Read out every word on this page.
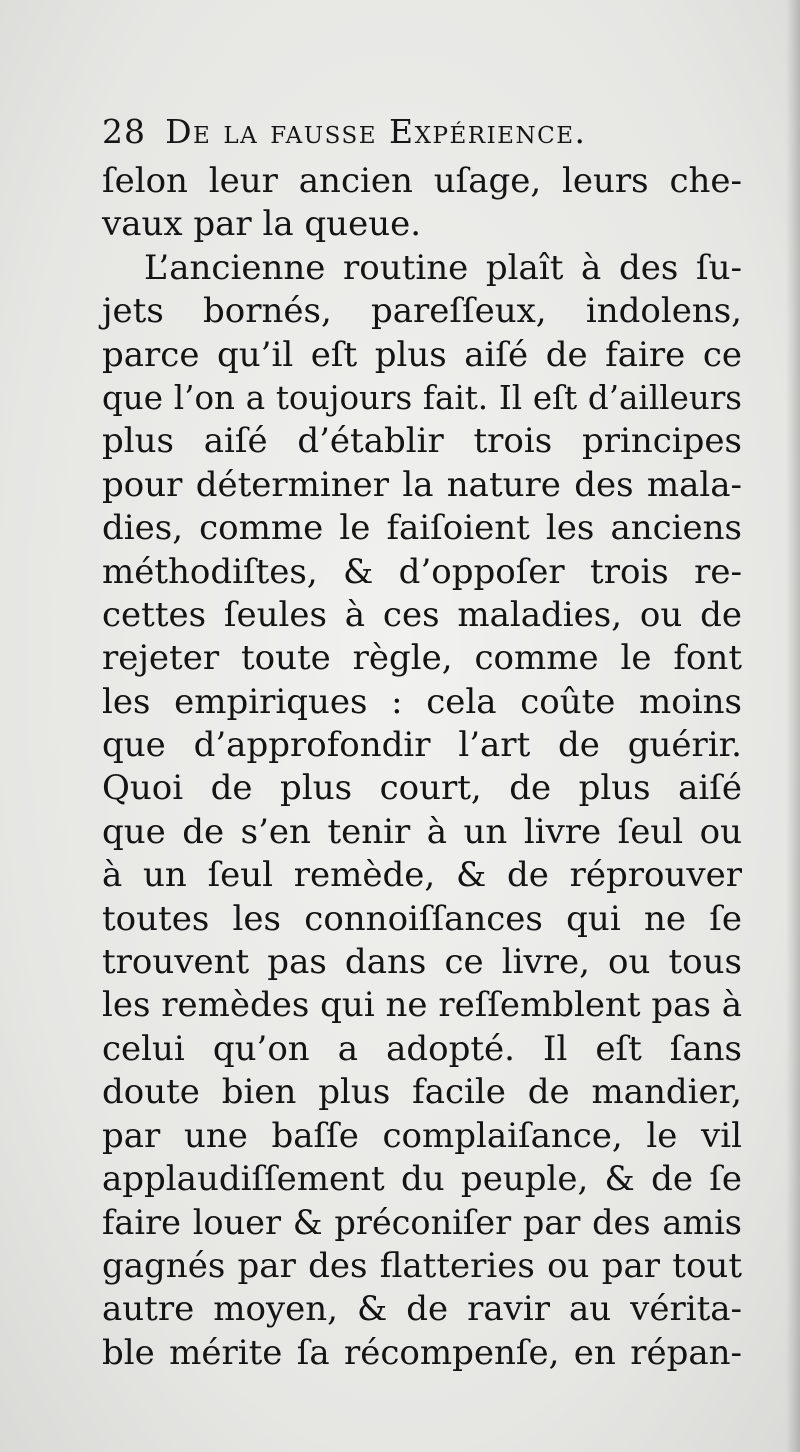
28 De la fausse Expérience.
ſelon leur ancien uſage, leurs che-
vaux par la queue.
L’ancienne routine plaît à des ſu-
jets bornés, pareſſeux, indolens,
parce qu’il eſt plus aiſé de faire ce
que l’on a toujours fait. Il eſt d’ailleurs
plus aiſé d’établir trois principes
pour déterminer la nature des mala-
dies, comme le faiſoient les anciens
méthodiſtes, & d’oppoſer trois re-
cettes ſeules à ces maladies, ou de
rejeter toute règle, comme le font
les empiriques : cela coûte moins
que d’approfondir l’art de guérir.
Quoi de plus court, de plus aiſé
que de s’en tenir à un livre ſeul ou
à un ſeul remède, & de réprouver
toutes les connoiſſances qui ne ſe
trouvent pas dans ce livre, ou tous
les remèdes qui ne reſſemblent pas à
celui qu’on a adopté. Il eſt ſans
doute bien plus facile de mandier,
par une baſſe complaiſance, le vil
applaudiſſement du peuple, & de ſe
faire louer & préconiſer par des amis
gagnés par des flatteries ou par tout
autre moyen, & de ravir au vérita-
ble mérite ſa récompenſe, en répan-
